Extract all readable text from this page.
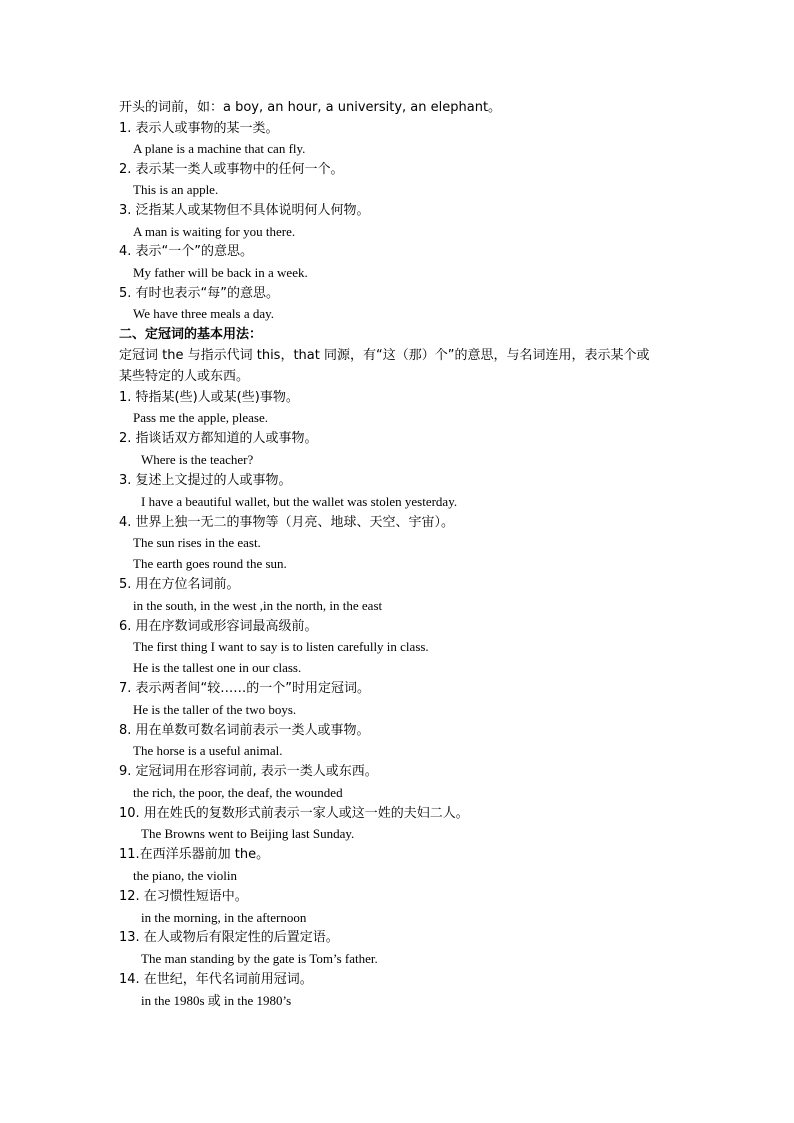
开头的词前，如：a boy, an hour, a university, an elephant。
1. 表示人或事物的某一类。
A plane is a machine that can fly.
2. 表示某一类人或事物中的任何一个。
This is an apple.
3. 泛指某人或某物但不具体说明何人何物。
A man is waiting for you there.
4. 表示“一个”的意思。
My father will be back in a week.
5. 有时也表示“每”的意思。
We have three meals a day.
二、定冠词的基本用法：
定冠词 the 与指示代词 this，that 同源，有“这（那）个”的意思，与名词连用，表示某个或
某些特定的人或东西。
1. 特指某(些)人或某(些)事物。
Pass me the apple, please.
2. 指谈话双方都知道的人或事物。
Where is the teacher?
3. 复述上文提过的人或事物。
I have a beautiful wallet, but the wallet was stolen yesterday.
4. 世界上独一无二的事物等（月亮、地球、天空、宇宙）。
The sun rises in the east.
The earth goes round the sun.
5. 用在方位名词前。
in the south, in the west ,in the north, in the east
6. 用在序数词或形容词最高级前。
The first thing I want to say is to listen carefully in class.
He is the tallest one in our class.
7. 表示两者间“较……的一个”时用定冠词。
He is the taller of the two boys.
8. 用在单数可数名词前表示一类人或事物。
The horse is a useful animal.
9. 定冠词用在形容词前, 表示一类人或东西。
the rich, the poor, the deaf, the wounded
10. 用在姓氏的复数形式前表示一家人或这一姓的夫妇二人。
The Browns went to Beijing last Sunday.
11.在西洋乐器前加 the。
the piano, the violin
12. 在习惯性短语中。
in the morning, in the afternoon
13. 在人或物后有限定性的后置定语。
The man standing by the gate is Tom’s father.
14. 在世纪，年代名词前用冠词。
in the 1980s 或 in the 1980’s
